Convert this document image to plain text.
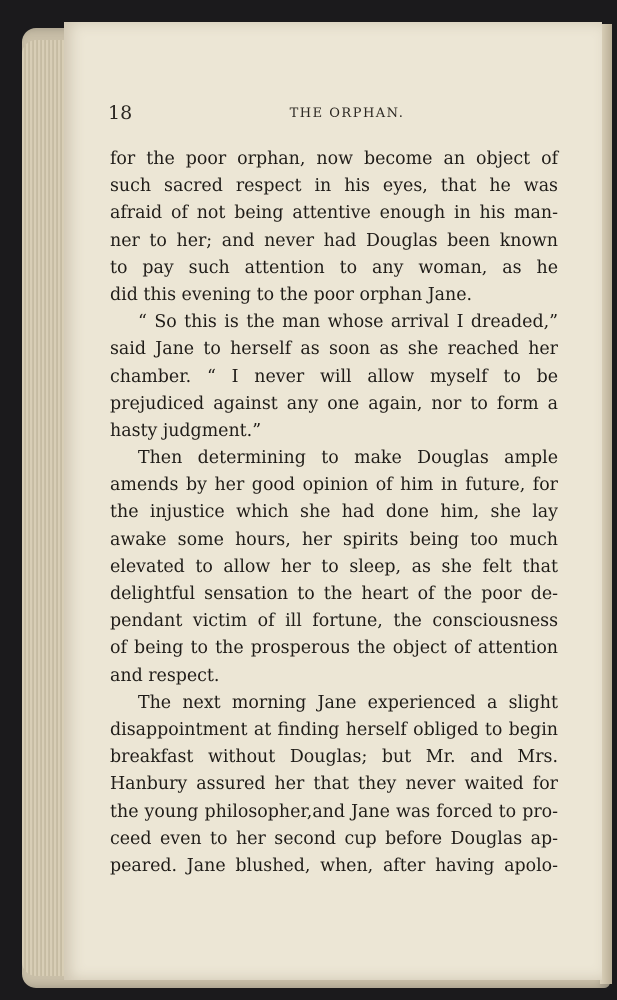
18	THE ORPHAN.
for the poor orphan, now become an object of
such sacred respect in his eyes, that he was
afraid of not being attentive enough in his man-
ner to her; and never had Douglas been known
to pay such attention to any woman, as he
did this evening to the poor orphan Jane.
“ So this is the man whose arrival I dreaded,”
said Jane to herself as soon as she reached her
chamber. “ I never will allow myself to be
prejudiced against any one again, nor to form a
hasty judgment.”
Then determining to make Douglas ample
amends by her good opinion of him in future, for
the injustice which she had done him, she lay
awake some hours, her spirits being too much
elevated to allow her to sleep, as she felt that
delightful sensation to the heart of the poor de-
pendant victim of ill fortune, the consciousness
of being to the prosperous the object of attention
and respect.
The next morning Jane experienced a slight
disappointment at finding herself obliged to begin
breakfast without Douglas; but Mr. and Mrs.
Hanbury assured her that they never waited for
the young philosopher,and Jane was forced to pro-
ceed even to her second cup before Douglas ap-
peared. Jane blushed, when, after having apolo-
